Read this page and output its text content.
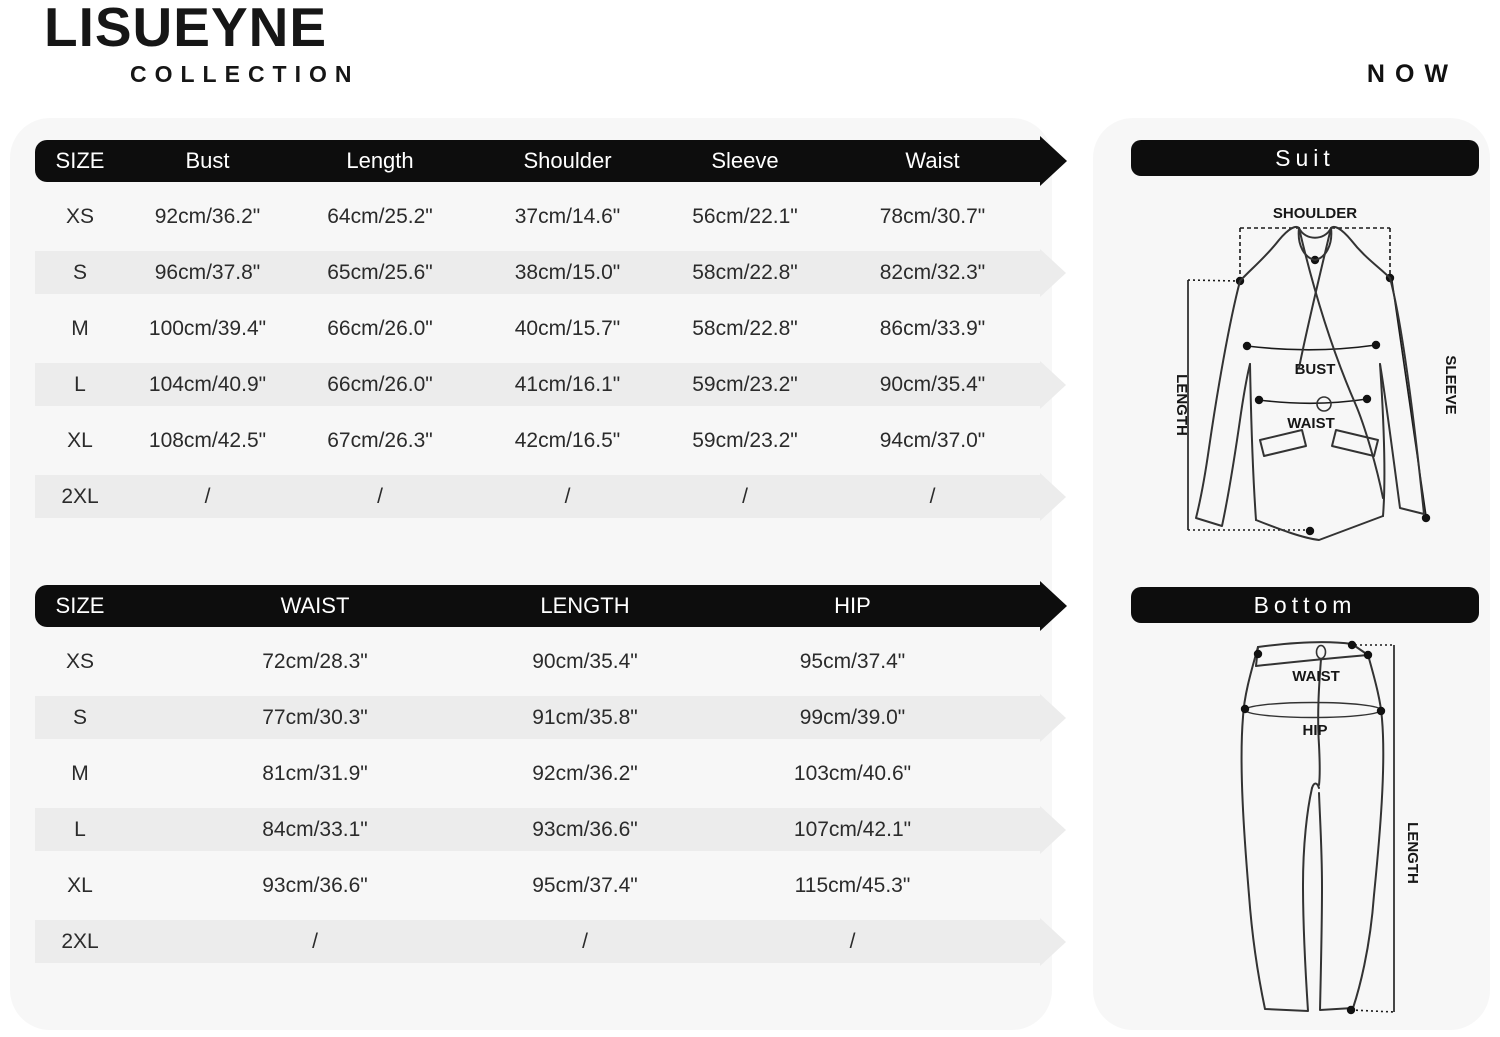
LISUEYNE
COLLECTION	NOW
SIZE	Bust	Length	Shoulder	Sleeve	Waist
XS	92cm/36.2"	64cm/25.2"	37cm/14.6"	56cm/22.1"	78cm/30.7"
S	96cm/37.8"	65cm/25.6"	38cm/15.0"	58cm/22.8"	82cm/32.3"
M	100cm/39.4"	66cm/26.0"	40cm/15.7"	58cm/22.8"	86cm/33.9"
L	104cm/40.9"	66cm/26.0"	41cm/16.1"	59cm/23.2"	90cm/35.4"
XL	108cm/42.5"	67cm/26.3"	42cm/16.5"	59cm/23.2"	94cm/37.0"
2XL	/	/	/	/	/
SIZE	WAIST	LENGTH	HIP
XS	72cm/28.3"	90cm/35.4"	95cm/37.4"
S	77cm/30.3"	91cm/35.8"	99cm/39.0"
M	81cm/31.9"	92cm/36.2"	103cm/40.6"
L	84cm/33.1"	93cm/36.6"	107cm/42.1"
XL	93cm/36.6"	95cm/37.4"	115cm/45.3"
2XL	/	/	/
Suit
SHOULDER
LENGTH
BUST
WAIST
SLEEVE
Bottom
LENGTH
WAIST
HIP
